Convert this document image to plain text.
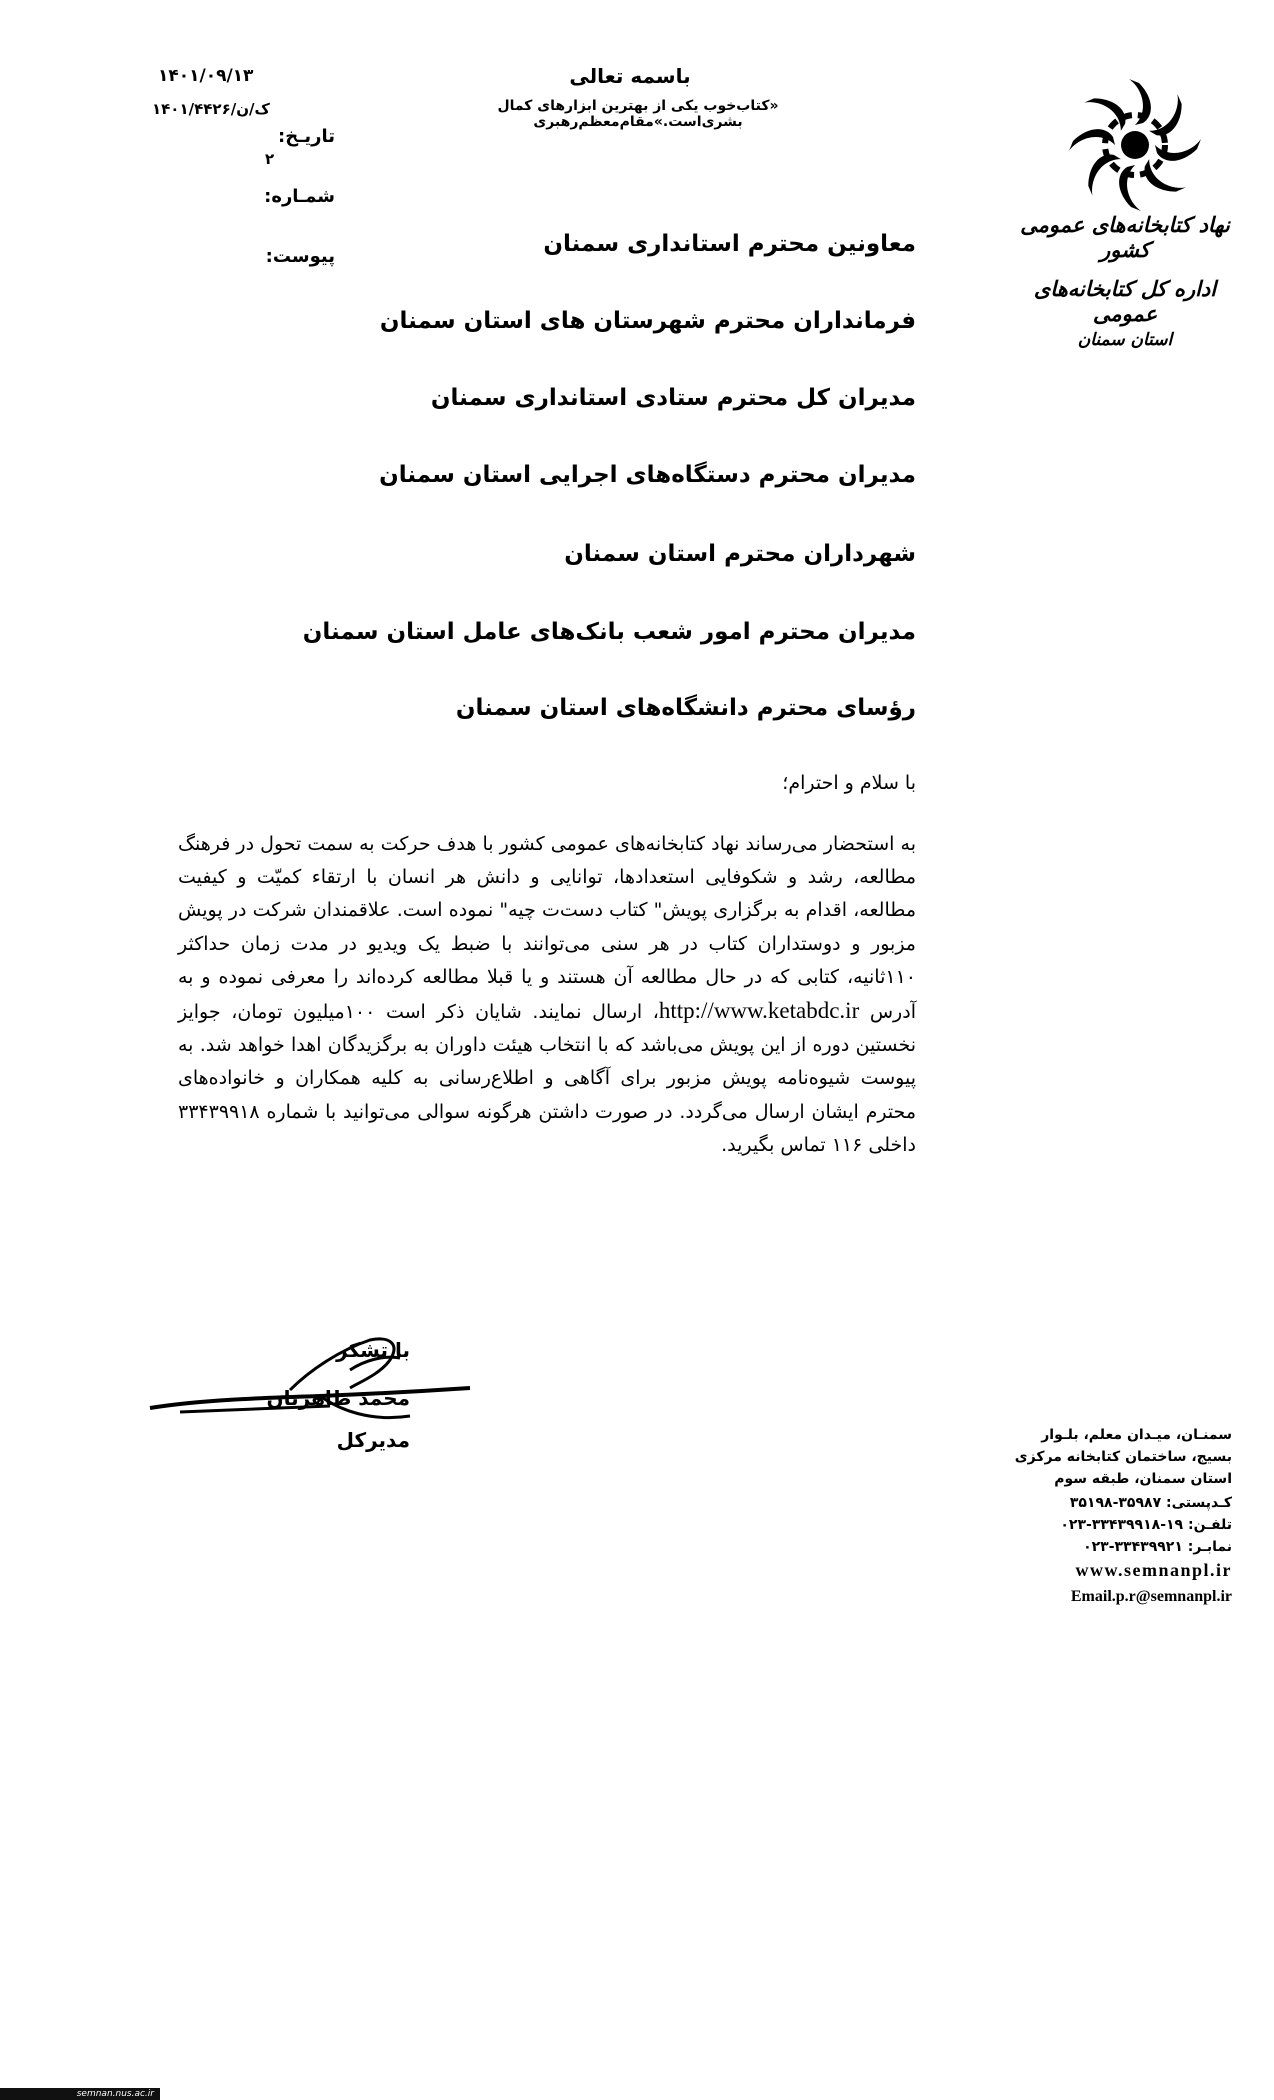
باسمه تعالی
«کتاب‌خوب یکی از بهترین ابزارهای کمال بشری‌است.»مقام‌معظم‌رهبری
۱۴۰۱/۰۹/۱۳
۱۴۰۱/۴۴۲۶/ک/ن
تاریـخ:
۲
شمـاره:
پیوست:
نهاد کتابخانه‌های عمومی کشور
اداره کل کتابخانه‌های عمومی
استان سمنان
معاونین محترم استانداری سمنان
فرمانداران محترم شهرستان های استان سمنان
مدیران کل محترم ستادی استانداری سمنان
مدیران محترم دستگاه‌های اجرایی استان سمنان
شهرداران محترم استان سمنان
مدیران محترم امور شعب بانک‌های عامل استان سمنان
رؤسای محترم دانشگاه‌های استان سمنان
با سلام و احترام؛
به استحضار می‌رساند نهاد کتابخانه‌های عمومی کشور با هدف حرکت به سمت تحول در فرهنگ مطالعه، رشد و شکوفایی استعدادها، توانایی و دانش هر انسان با ارتقاء کمیّت و کیفیت مطالعه، اقدام به برگزاری پویش" کتاب دست‌ت چیه" نموده است. علاقمندان شرکت در پویش مزبور و دوستداران کتاب در هر سنی می‌توانند با ضبط یک ویدیو در مدت زمان حداکثر ۱۱۰ثانیه، کتابی که در حال مطالعه آن هستند و یا قبلا مطالعه کرده‌اند را معرفی نموده و به آدرس http://www.ketabdc.ir، ارسال نمایند. شایان ذکر است ۱۰۰میلیون تومان، جوایز نخستین دوره از این پویش می‌باشد که با انتخاب هیئت داوران به برگزیدگان اهدا خواهد شد. به پیوست شیوه‌نامه پویش مزبور برای آگاهی و اطلاع‌رسانی به کلیه همکاران و خانواده‌های محترم ایشان ارسال می‌گردد. در صورت داشتن هرگونه سوالی می‌توانید با شماره ۳۳۴۳۹۹۱۸ داخلی ۱۱۶ تماس بگیرید.
با تشکر
محمد طاهریان
مدیرکل	سمنـان، میـدان معلم، بلـوار
بسیج، ساختمان کتابخانه مرکزی
استان سمنان، طبقه سوم
کـدپستی: ۳۵۹۸۷-۳۵۱۹۸
تلفـن: ۱۹-۳۳۴۳۹۹۱۸-۰۲۳
نمابـر: ۳۳۴۳۹۹۲۱-۰۲۳
www.semnanpl.ir
Email.p.r@semnanpl.ir
semnan.nus.ac.ir
